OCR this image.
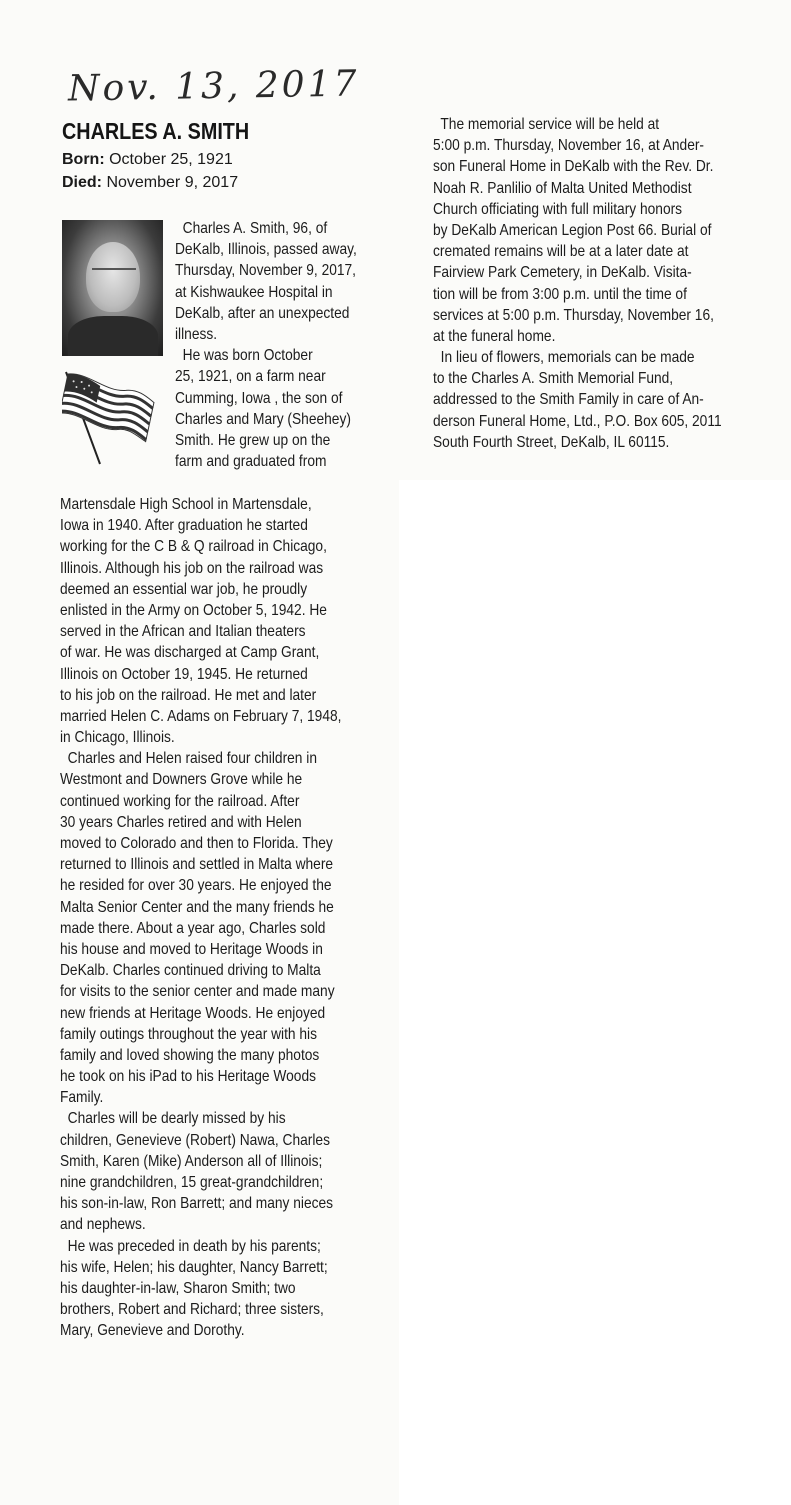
Nov. 13, 2017
CHARLES A. SMITH
Born: October 25, 1921
Died: November 9, 2017
Charles A. Smith, 96, of
DeKalb, Illinois, passed away,
Thursday, November 9, 2017,
at Kishwaukee Hospital in
DeKalb, after an unexpected
illness.
He was born October
25, 1921, on a farm near
Cumming, Iowa , the son of
Charles and Mary (Sheehey)
Smith. He grew up on the
farm and graduated from
Martensdale High School in Martensdale,
Iowa in 1940. After graduation he started
working for the C B & Q railroad in Chicago,
Illinois. Although his job on the railroad was
deemed an essential war job, he proudly
enlisted in the Army on October 5, 1942. He
served in the African and Italian theaters
of war. He was discharged at Camp Grant,
Illinois on October 19, 1945. He returned
to his job on the railroad. He met and later
married Helen C. Adams on February 7, 1948,
in Chicago, Illinois.
Charles and Helen raised four children in
Westmont and Downers Grove while he
continued working for the railroad. After
30 years Charles retired and with Helen
moved to Colorado and then to Florida. They
returned to Illinois and settled in Malta where
he resided for over 30 years. He enjoyed the
Malta Senior Center and the many friends he
made there. About a year ago, Charles sold
his house and moved to Heritage Woods in
DeKalb. Charles continued driving to Malta
for visits to the senior center and made many
new friends at Heritage Woods. He enjoyed
family outings throughout the year with his
family and loved showing the many photos
he took on his iPad to his Heritage Woods
Family.
Charles will be dearly missed by his
children, Genevieve (Robert) Nawa, Charles
Smith, Karen (Mike) Anderson all of Illinois;
nine grandchildren, 15 great-grandchildren;
his son-in-law, Ron Barrett; and many nieces
and nephews.
He was preceded in death by his parents;
his wife, Helen; his daughter, Nancy Barrett;
his daughter-in-law, Sharon Smith; two
brothers, Robert and Richard; three sisters,
Mary, Genevieve and Dorothy.
The memorial service will be held at
5:00 p.m. Thursday, November 16, at Ander-
son Funeral Home in DeKalb with the Rev. Dr.
Noah R. Panlilio of Malta United Methodist
Church officiating with full military honors
by DeKalb American Legion Post 66. Burial of
cremated remains will be at a later date at
Fairview Park Cemetery, in DeKalb. Visita-
tion will be from 3:00 p.m. until the time of
services at 5:00 p.m. Thursday, November 16,
at the funeral home.
In lieu of flowers, memorials can be made
to the Charles A. Smith Memorial Fund,
addressed to the Smith Family in care of An-
derson Funeral Home, Ltd., P.O. Box 605, 2011
South Fourth Street, DeKalb, IL 60115.
